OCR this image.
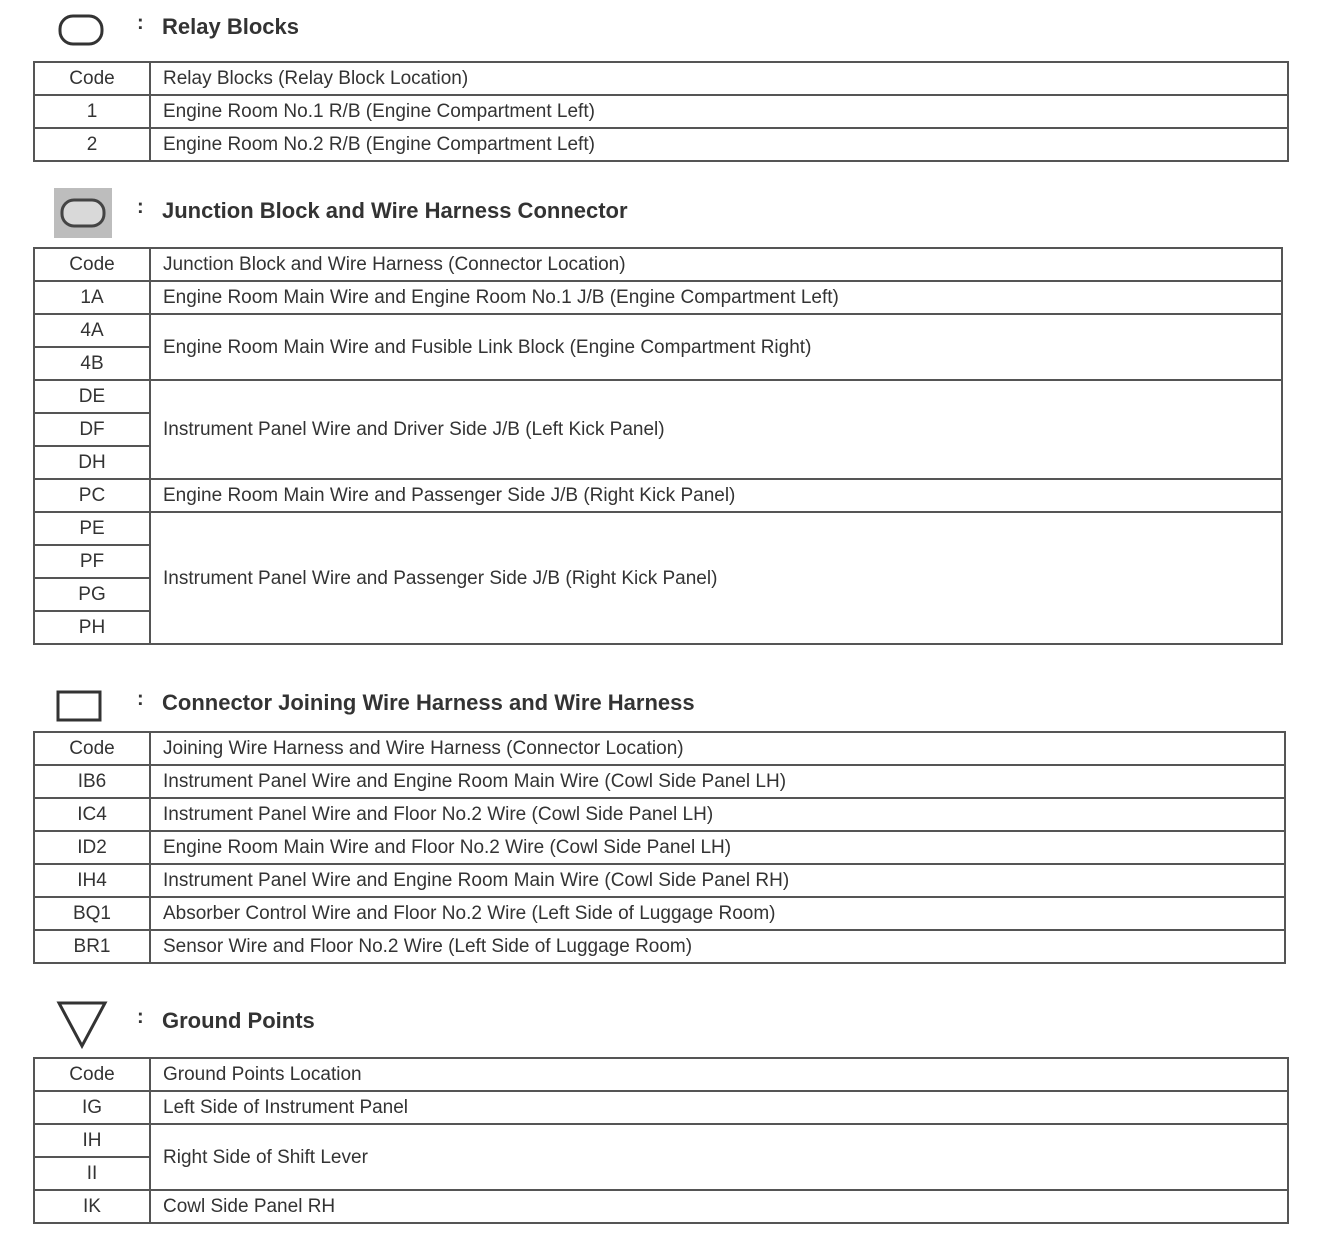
: Relay Blocks
Code	Relay Blocks (Relay Block Location)
1	Engine Room No.1 R/B (Engine Compartment Left)
2	Engine Room No.2 R/B (Engine Compartment Left)
: Junction Block and Wire Harness Connector
Code	Junction Block and Wire Harness (Connector Location)
1A	Engine Room Main Wire and Engine Room No.1 J/B (Engine Compartment Left)
4A	Engine Room Main Wire and Fusible Link Block (Engine Compartment Right)
4B	
DE	Instrument Panel Wire and Driver Side J/B (Left Kick Panel)
DF	
DH	
PC	Engine Room Main Wire and Passenger Side J/B (Right Kick Panel)
PE	Instrument Panel Wire and Passenger Side J/B (Right Kick Panel)
PF	
PG	
PH	
: Connector Joining Wire Harness and Wire Harness
Code	Joining Wire Harness and Wire Harness (Connector Location)
IB6	Instrument Panel Wire and Engine Room Main Wire (Cowl Side Panel LH)
IC4	Instrument Panel Wire and Floor No.2 Wire (Cowl Side Panel LH)
ID2	Engine Room Main Wire and Floor No.2 Wire (Cowl Side Panel LH)
IH4	Instrument Panel Wire and Engine Room Main Wire (Cowl Side Panel RH)
BQ1	Absorber Control Wire and Floor No.2 Wire (Left Side of Luggage Room)
BR1	Sensor Wire and Floor No.2 Wire (Left Side of Luggage Room)
: Ground Points
Code	Ground Points Location
IG	Left Side of Instrument Panel
IH	Right Side of Shift Lever
II	
IK	Cowl Side Panel RH
